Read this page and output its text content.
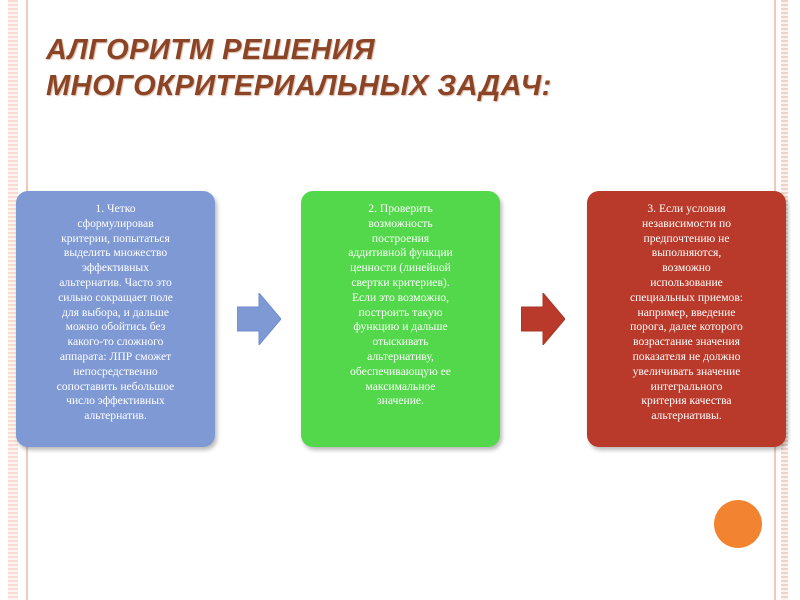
АЛГОРИТМ РЕШЕНИЯ
МНОГОКРИТЕРИАЛЬНЫХ ЗАДАЧ:
1. Четко
сформулировав
критерии, попытаться
выделить множество
эффективных
альтернатив. Часто это
сильно сокращает поле
для выбора, и дальше
можно обойтись без
какого-то сложного
аппарата: ЛПР сможет
непосредственно
сопоставить небольшое
число эффективных
альтернатив.
2. Проверить
возможность
построения
аддитивной функции
ценности (линейной
свертки критериев).
Если это возможно,
построить такую
функцию и дальше
отыскивать
альтернативу,
обеспечивающую ее
максимальное
значение.
3. Если условия
независимости по
предпочтению не
выполняются,
возможно
использование
специальных приемов:
например, введение
порога, далее которого
возрастание значения
показателя не должно
увеличивать значение
интегрального
критерия качества
альтернативы.
